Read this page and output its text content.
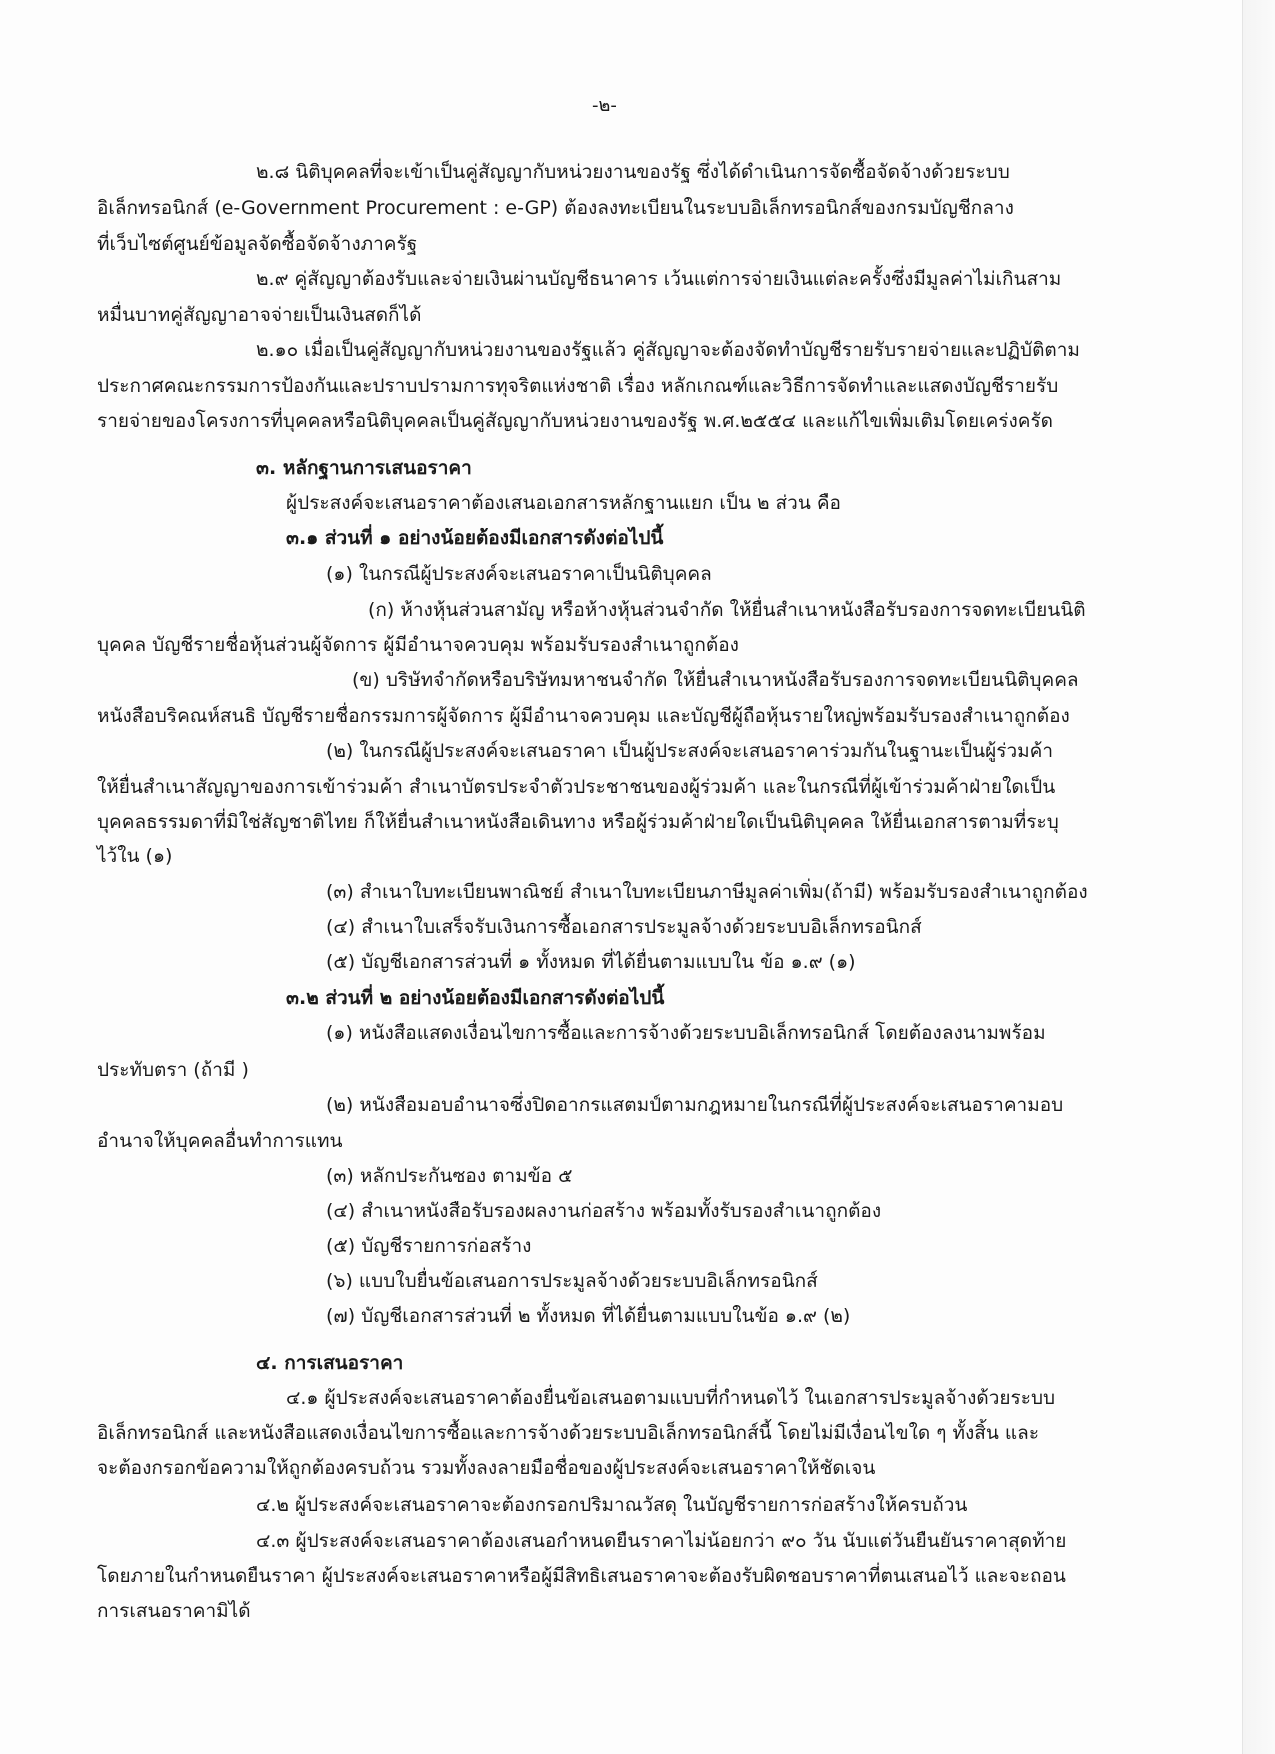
-๒-
๒.๘ นิติบุคคลที่จะเข้าเป็นคู่สัญญากับหน่วยงานของรัฐ ซึ่งได้ดำเนินการจัดซื้อจัดจ้างด้วยระบบ
อิเล็กทรอนิกส์ (e-Government Procurement : e-GP) ต้องลงทะเบียนในระบบอิเล็กทรอนิกส์ของกรมบัญชีกลาง
ที่เว็บไซต์ศูนย์ข้อมูลจัดซื้อจัดจ้างภาครัฐ
๒.๙ คู่สัญญาต้องรับและจ่ายเงินผ่านบัญชีธนาคาร เว้นแต่การจ่ายเงินแต่ละครั้งซึ่งมีมูลค่าไม่เกินสาม
หมื่นบาทคู่สัญญาอาจจ่ายเป็นเงินสดก็ได้
๒.๑๐ เมื่อเป็นคู่สัญญากับหน่วยงานของรัฐแล้ว คู่สัญญาจะต้องจัดทำบัญชีรายรับรายจ่ายและปฏิบัติตาม
ประกาศคณะกรรมการป้องกันและปราบปรามการทุจริตแห่งชาติ เรื่อง หลักเกณฑ์และวิธีการจัดทำและแสดงบัญชีรายรับ
รายจ่ายของโครงการที่บุคคลหรือนิติบุคคลเป็นคู่สัญญากับหน่วยงานของรัฐ พ.ศ.๒๕๕๔ และแก้ไขเพิ่มเติมโดยเคร่งครัด
๓. หลักฐานการเสนอราคา
ผู้ประสงค์จะเสนอราคาต้องเสนอเอกสารหลักฐานแยก เป็น ๒ ส่วน คือ
๓.๑ ส่วนที่ ๑ อย่างน้อยต้องมีเอกสารดังต่อไปนี้
(๑) ในกรณีผู้ประสงค์จะเสนอราคาเป็นนิติบุคคล
(ก) ห้างหุ้นส่วนสามัญ หรือห้างหุ้นส่วนจำกัด ให้ยื่นสำเนาหนังสือรับรองการจดทะเบียนนิติ
บุคคล บัญชีรายชื่อหุ้นส่วนผู้จัดการ ผู้มีอำนาจควบคุม พร้อมรับรองสำเนาถูกต้อง
(ข) บริษัทจำกัดหรือบริษัทมหาชนจำกัด ให้ยื่นสำเนาหนังสือรับรองการจดทะเบียนนิติบุคคล
หนังสือบริคณห์สนธิ บัญชีรายชื่อกรรมการผู้จัดการ ผู้มีอำนาจควบคุม และบัญชีผู้ถือหุ้นรายใหญ่พร้อมรับรองสำเนาถูกต้อง
(๒) ในกรณีผู้ประสงค์จะเสนอราคา เป็นผู้ประสงค์จะเสนอราคาร่วมกันในฐานะเป็นผู้ร่วมค้า
ให้ยื่นสำเนาสัญญาของการเข้าร่วมค้า สำเนาบัตรประจำตัวประชาชนของผู้ร่วมค้า และในกรณีที่ผู้เข้าร่วมค้าฝ่ายใดเป็น
บุคคลธรรมดาที่มิใช่สัญชาติไทย ก็ให้ยื่นสำเนาหนังสือเดินทาง หรือผู้ร่วมค้าฝ่ายใดเป็นนิติบุคคล ให้ยื่นเอกสารตามที่ระบุ
ไว้ใน (๑)
(๓) สำเนาใบทะเบียนพาณิชย์ สำเนาใบทะเบียนภาษีมูลค่าเพิ่ม(ถ้ามี) พร้อมรับรองสำเนาถูกต้อง
(๔) สำเนาใบเสร็จรับเงินการซื้อเอกสารประมูลจ้างด้วยระบบอิเล็กทรอนิกส์
(๕) บัญชีเอกสารส่วนที่ ๑ ทั้งหมด ที่ได้ยื่นตามแบบใน ข้อ ๑.๙ (๑)
๓.๒ ส่วนที่ ๒ อย่างน้อยต้องมีเอกสารดังต่อไปนี้
(๑) หนังสือแสดงเงื่อนไขการซื้อและการจ้างด้วยระบบอิเล็กทรอนิกส์ โดยต้องลงนามพร้อม
ประทับตรา (ถ้ามี )
(๒) หนังสือมอบอำนาจซึ่งปิดอากรแสตมป์ตามกฎหมายในกรณีที่ผู้ประสงค์จะเสนอราคามอบ
อำนาจให้บุคคลอื่นทำการแทน
(๓) หลักประกันซอง ตามข้อ ๕
(๔) สำเนาหนังสือรับรองผลงานก่อสร้าง พร้อมทั้งรับรองสำเนาถูกต้อง
(๕) บัญชีรายการก่อสร้าง
(๖) แบบใบยื่นข้อเสนอการประมูลจ้างด้วยระบบอิเล็กทรอนิกส์
(๗) บัญชีเอกสารส่วนที่ ๒ ทั้งหมด ที่ได้ยื่นตามแบบในข้อ ๑.๙ (๒)
๔. การเสนอราคา
๔.๑ ผู้ประสงค์จะเสนอราคาต้องยื่นข้อเสนอตามแบบที่กำหนดไว้ ในเอกสารประมูลจ้างด้วยระบบ
อิเล็กทรอนิกส์ และหนังสือแสดงเงื่อนไขการซื้อและการจ้างด้วยระบบอิเล็กทรอนิกส์นี้ โดยไม่มีเงื่อนไขใด ๆ ทั้งสิ้น และ
จะต้องกรอกข้อความให้ถูกต้องครบถ้วน รวมทั้งลงลายมือชื่อของผู้ประสงค์จะเสนอราคาให้ชัดเจน
๔.๒ ผู้ประสงค์จะเสนอราคาจะต้องกรอกปริมาณวัสดุ ในบัญชีรายการก่อสร้างให้ครบถ้วน
๔.๓ ผู้ประสงค์จะเสนอราคาต้องเสนอกำหนดยืนราคาไม่น้อยกว่า ๙๐ วัน นับแต่วันยืนยันราคาสุดท้าย
โดยภายในกำหนดยืนราคา ผู้ประสงค์จะเสนอราคาหรือผู้มีสิทธิเสนอราคาจะต้องรับผิดชอบราคาที่ตนเสนอไว้ และจะถอน
การเสนอราคามิได้
